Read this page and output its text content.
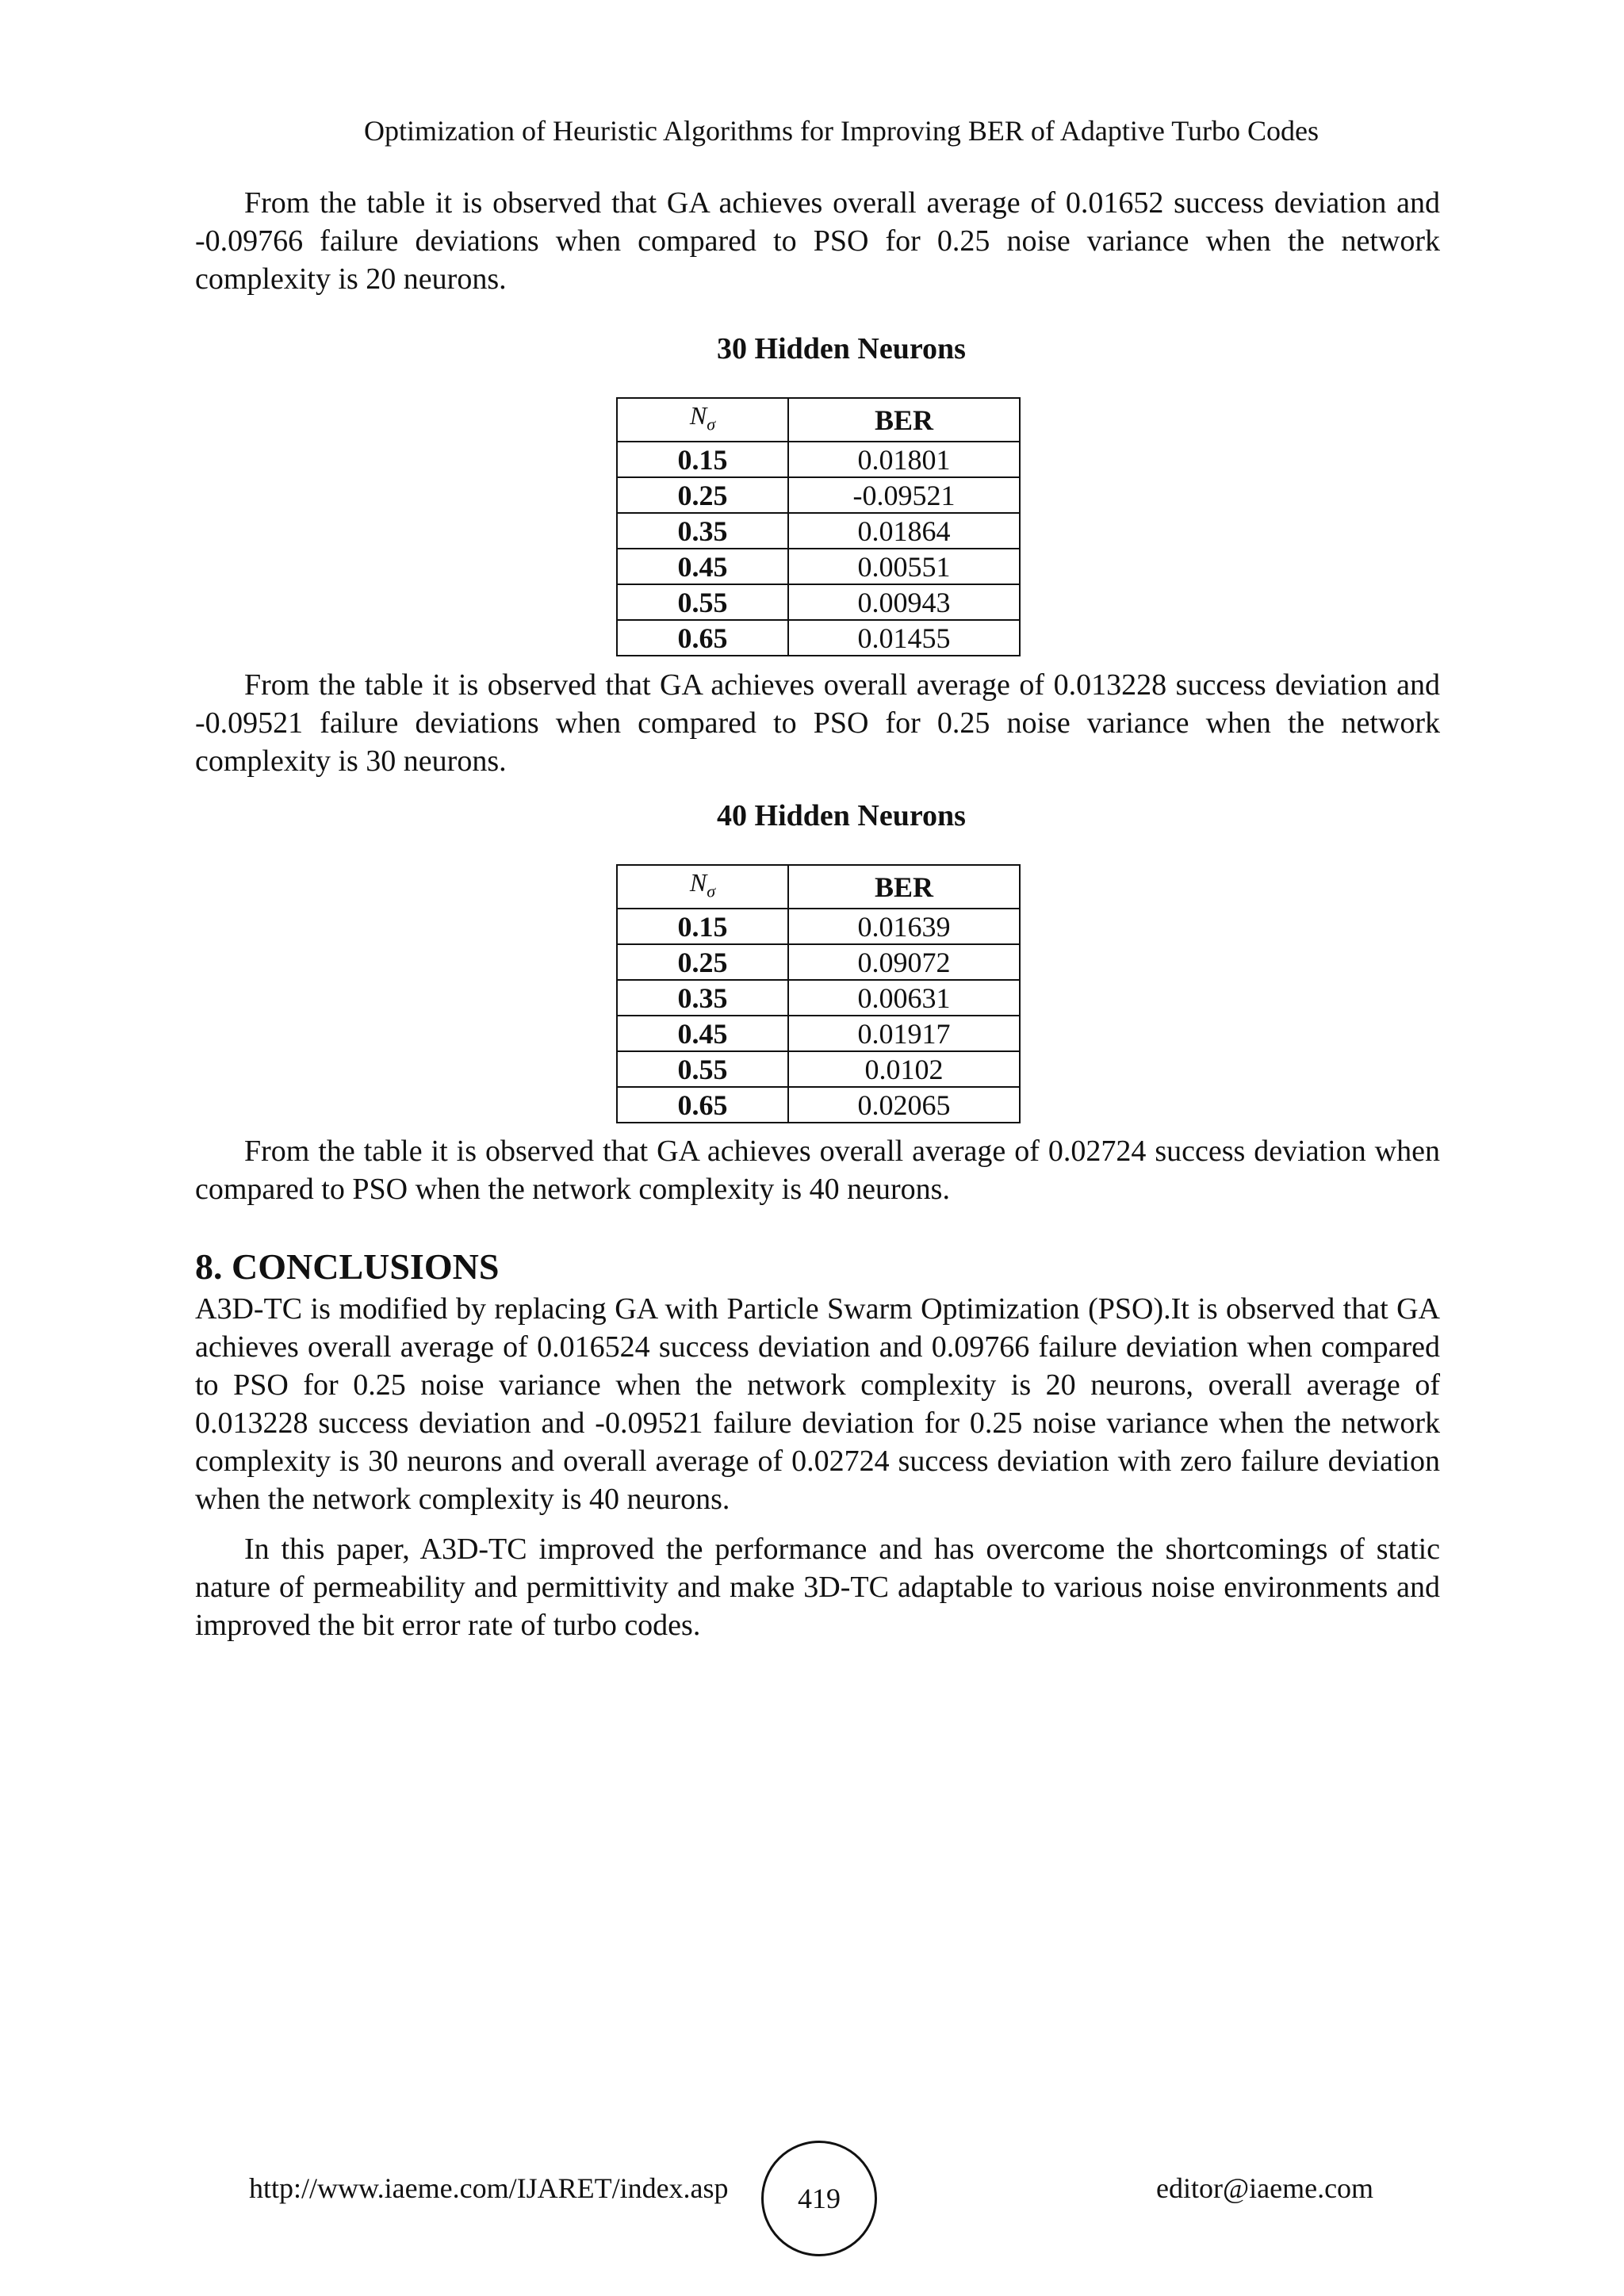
Optimization of Heuristic Algorithms for Improving BER of Adaptive Turbo Codes

From the table it is observed that GA achieves overall average of 0.01652 success deviation and -0.09766 failure deviations when compared to PSO for 0.25 noise variance when the network complexity is 20 neurons.

30 Hidden Neurons
$N_\sigma$	BER
0.15	0.01801
0.25	-0.09521
0.35	0.01864
0.45	0.00551
0.55	0.00943
0.65	0.01455

From the table it is observed that GA achieves overall average of 0.013228 success deviation and -0.09521 failure deviations when compared to PSO for 0.25 noise variance when the network complexity is 30 neurons.

40 Hidden Neurons
$N_\sigma$	BER
0.15	0.01639
0.25	0.09072
0.35	0.00631
0.45	0.01917
0.55	0.0102
0.65	0.02065

From the table it is observed that GA achieves overall average of 0.02724 success deviation when compared to PSO when the network complexity is 40 neurons.

8. CONCLUSIONS

A3D-TC is modified by replacing GA with Particle Swarm Optimization (PSO).It is observed that GA achieves overall average of 0.016524 success deviation and 0.09766 failure deviation when compared to PSO for 0.25 noise variance when the network complexity is 20 neurons, overall average of 0.013228 success deviation and -0.09521 failure deviation for 0.25 noise variance when the network complexity is 30 neurons and overall average of 0.02724 success deviation with zero failure deviation when the network complexity is 40 neurons.

In this paper, A3D-TC improved the performance and has overcome the shortcomings of static nature of permeability and permittivity and make 3D-TC adaptable to various noise environments and improved the bit error rate of turbo codes.

http://www.iaeme.com/IJARET/index.asp	419	editor@iaeme.com
